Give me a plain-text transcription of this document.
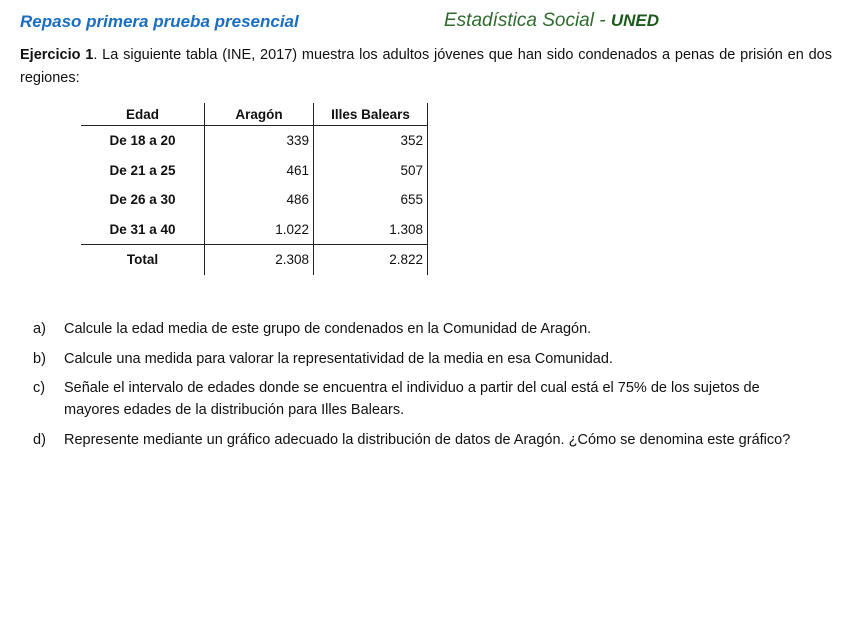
Repaso primera prueba presencial	Estadística Social - UNED
Ejercicio 1. La siguiente tabla (INE, 2017) muestra los adultos jóvenes que han sido condenados a penas de prisión en dos regiones:
Edad	Aragón	Illes Balears
De 18 a 20	339	352
De 21 a 25	461	507
De 26 a 30	486	655
De 31 a 40	1.022	1.308
Total	2.308	2.822
a)	Calcule la edad media de este grupo de condenados en la Comunidad de Aragón.
b)	Calcule una medida para valorar la representatividad de la media en esa Comunidad.
c)	Señale el intervalo de edades donde se encuentra el individuo a partir del cual está el 75% de los sujetos de mayores edades de la distribución para Illes Balears.
d)	Represente mediante un gráfico adecuado la distribución de datos de Aragón. ¿Cómo se denomina este gráfico?
